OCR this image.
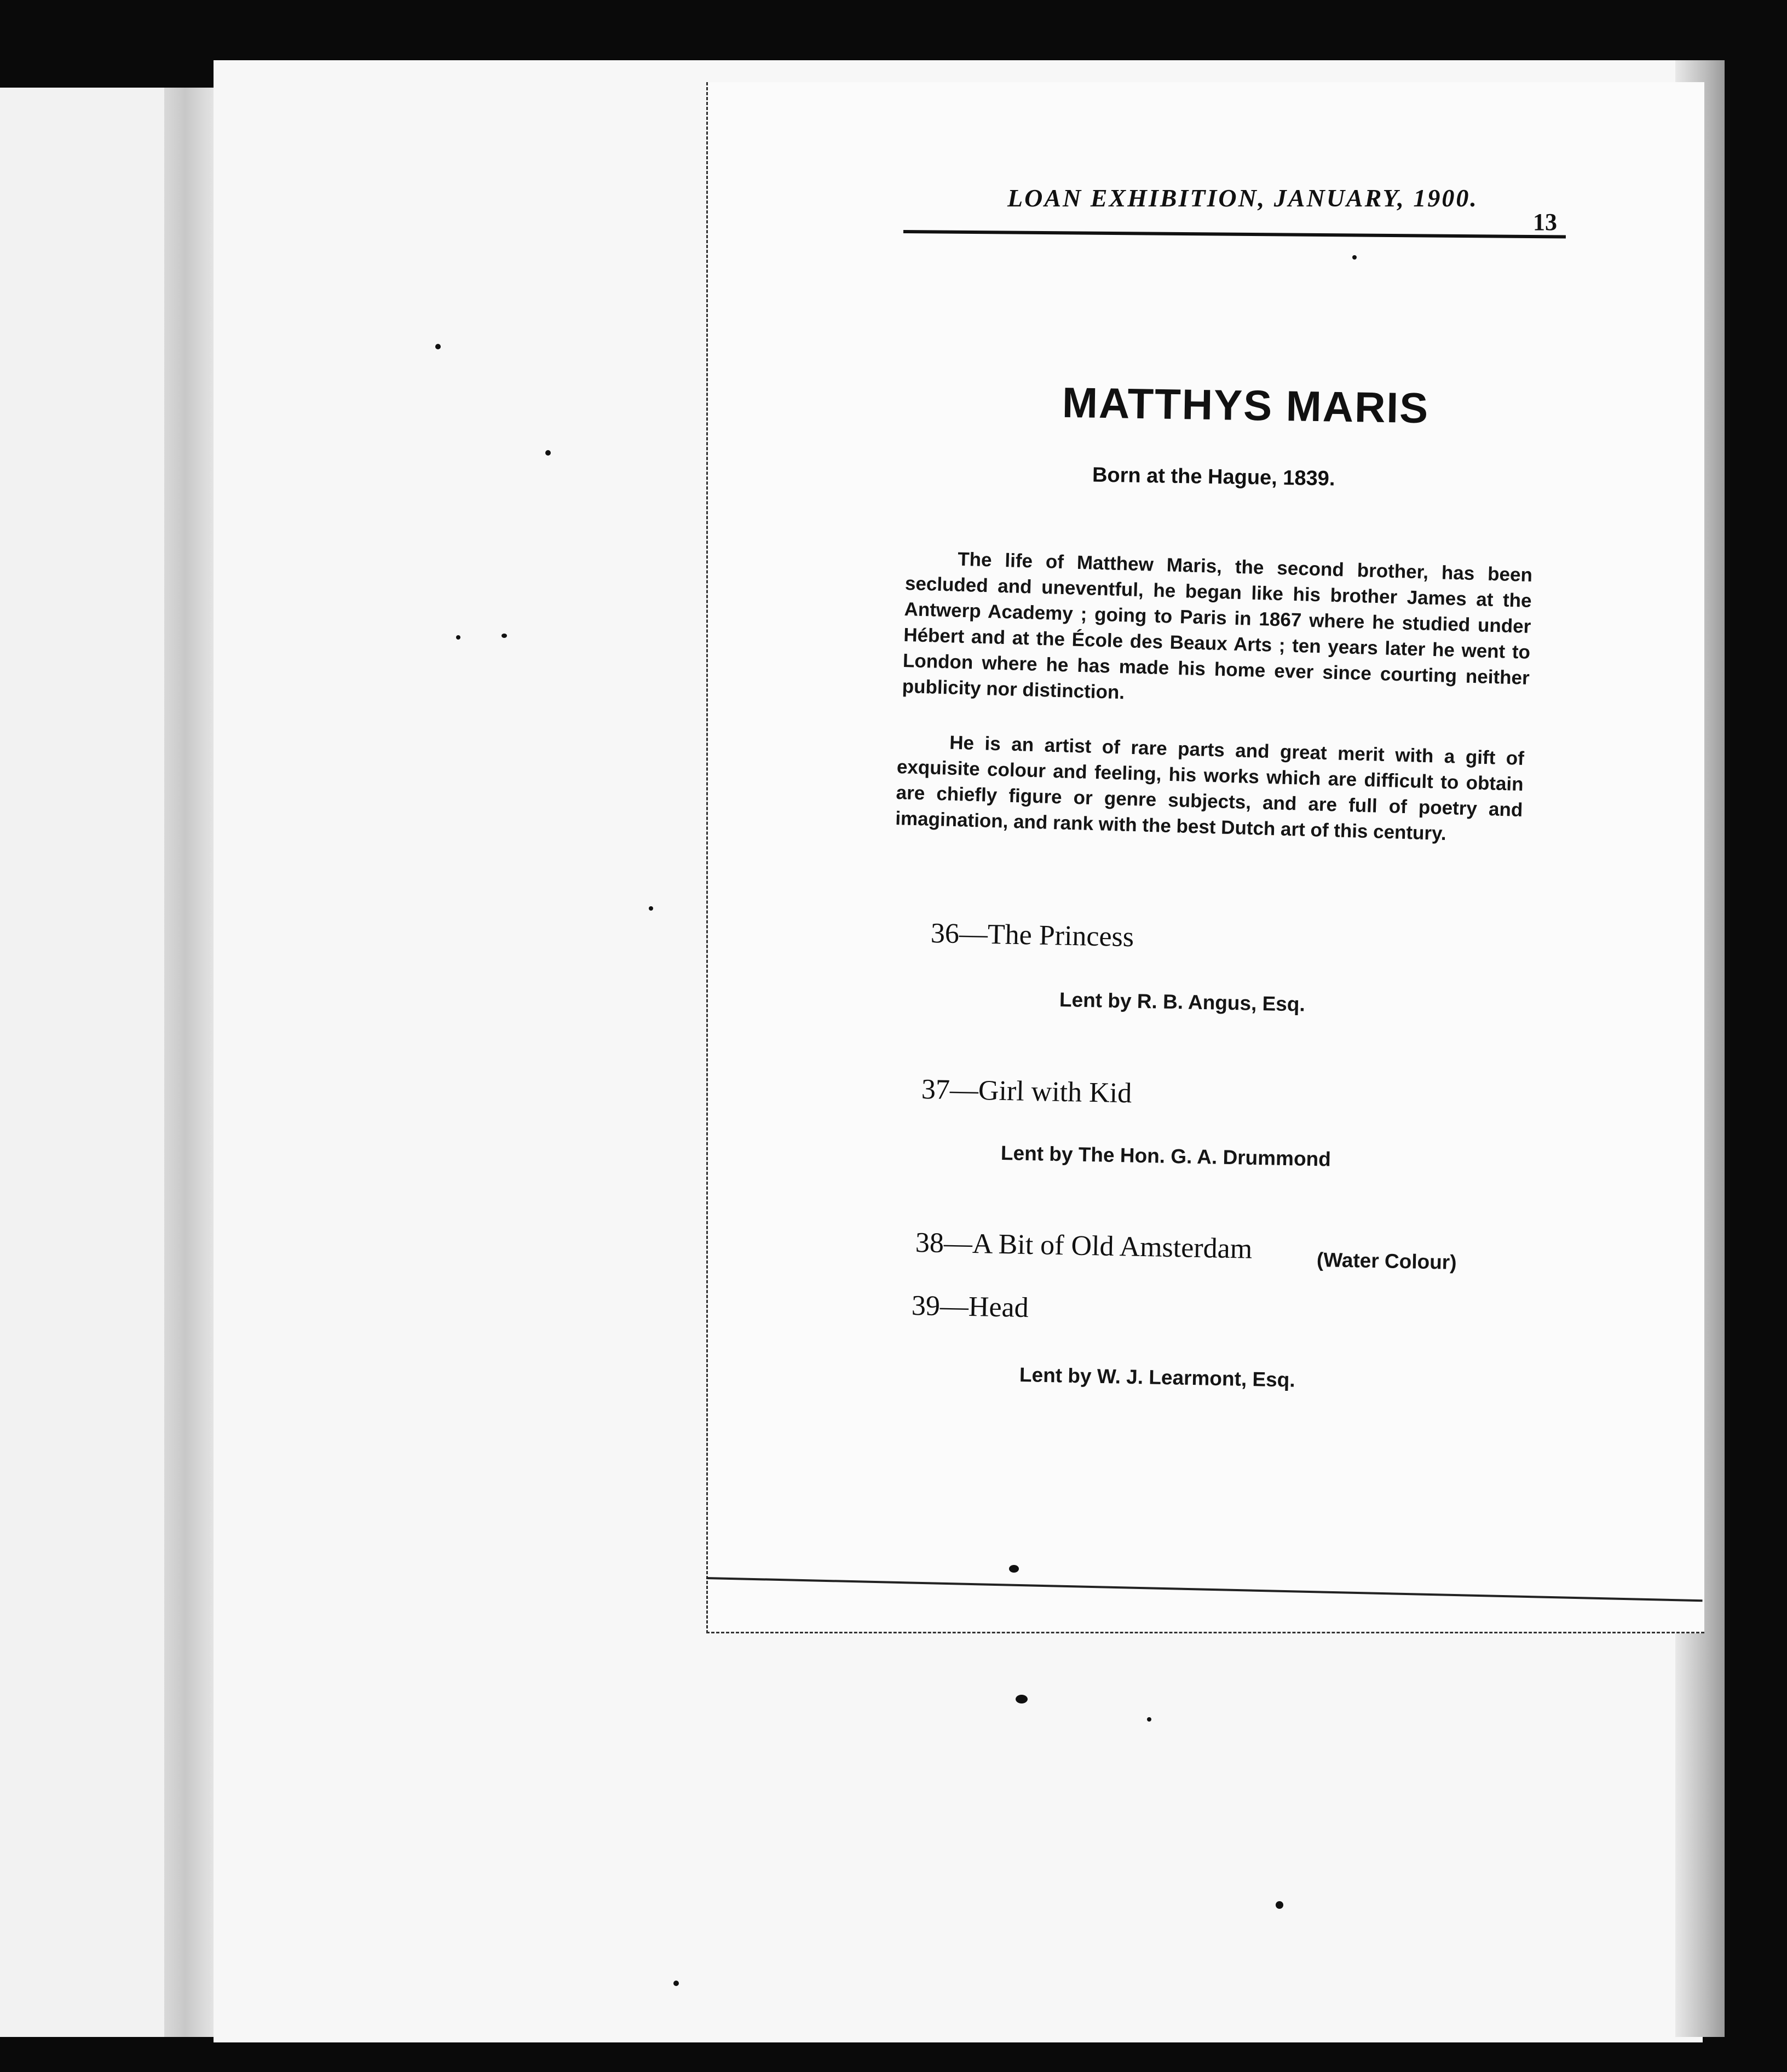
LOAN EXHIBITION, JANUARY, 1900.
13
MATTHYS MARIS
Born at the Hague, 1839.

The life of Matthew Maris, the second brother, has been secluded and uneventful, he began like his brother James at the Antwerp Academy ; going to Paris in 1867 where he studied under Hébert and at the École des Beaux Arts ; ten years later he went to London where he has made his home ever since courting neither publicity nor distinction.

He is an artist of rare parts and great merit with a gift of exquisite colour and feeling, his works which are difficult to obtain are chiefly figure or genre subjects, and are full of poetry and imagination, and rank with the best Dutch art of this century.

36—The Princess
Lent by R. B. Angus, Esq.
37—Girl with Kid
Lent by The Hon. G. A. Drummond
38—A Bit of Old Amsterdam	(Water Colour)
39—Head
Lent by W. J. Learmont, Esq.
